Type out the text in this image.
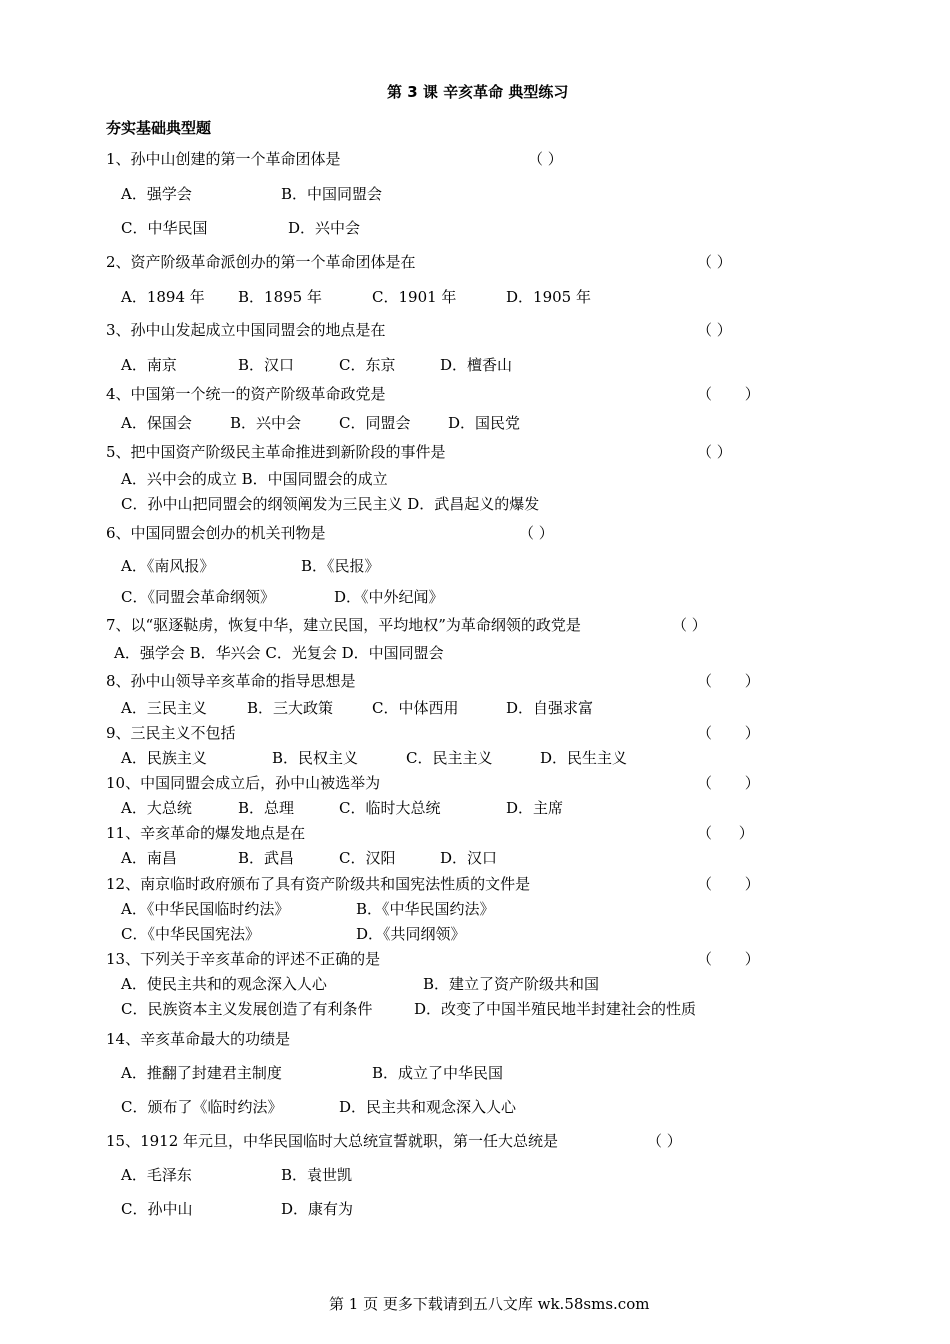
第 3 课 辛亥革命 典型练习
夯实基础典型题
1、孙中山创建的第一个革命团体是	（ ）
A．强学会	B．中国同盟会
C．中华民国	D．兴中会
2、资产阶级革命派创办的第一个革命团体是在	（ ）
A．1894 年 B．1895 年	C．1901 年	D．1905 年
3、孙中山发起成立中国同盟会的地点是在	（ ）
A．南京	B．汉口	C．东京	D．檀香山
4、中国第一个统一的资产阶级革命政党是	（ ）
A．保国会	B．兴中会	C．同盟会	D．国民党
5、把中国资产阶级民主革命推进到新阶段的事件是	（ ）
A．兴中会的成立 B．中国同盟会的成立
C．孙中山把同盟会的纲领阐发为三民主义 D．武昌起义的爆发
6、中国同盟会创办的机关刊物是	（ ）
A．《南风报》	B．《民报》
C．《同盟会革命纲领》	D．《中外纪闻》
7、以“驱逐鞑虏，恢复中华，建立民国，平均地权”为革命纲领的政党是	（ ）
A．强学会 B．华兴会 C．光复会 D．中国同盟会
8、孙中山领导辛亥革命的指导思想是	（ ）
A．三民主义	B．三大政策	C．中体西用	D．自强求富
9、三民主义不包括	（ ）
A．民族主义	B．民权主义	C．民主主义	D．民生主义
10、中国同盟会成立后，孙中山被选举为	（ ）
A．大总统	B．总理	C．临时大总统	D．主席
11、辛亥革命的爆发地点是在	（ ）
A．南昌	B．武昌	C．汉阳	D．汉口
12、南京临时政府颁布了具有资产阶级共和国宪法性质的文件是	（ ）
A．《中华民国临时约法》	B．《中华民国约法》
C．《中华民国宪法》	D．《共同纲领》
13、下列关于辛亥革命的评述不正确的是	（ ）
A．使民主共和的观念深入人心	B．建立了资产阶级共和国
C．民族资本主义发展创造了有利条件	D．改变了中国半殖民地半封建社会的性质
14、辛亥革命最大的功绩是
A．推翻了封建君主制度	B．成立了中华民国
C．颁布了《临时约法》	D．民主共和观念深入人心
15、1912 年元旦，中华民国临时大总统宣誓就职，第一任大总统是	（ ）
A．毛泽东	B．袁世凯
C．孙中山	D．康有为
第 1 页 更多下载请到五八文库 wk.58sms.com
